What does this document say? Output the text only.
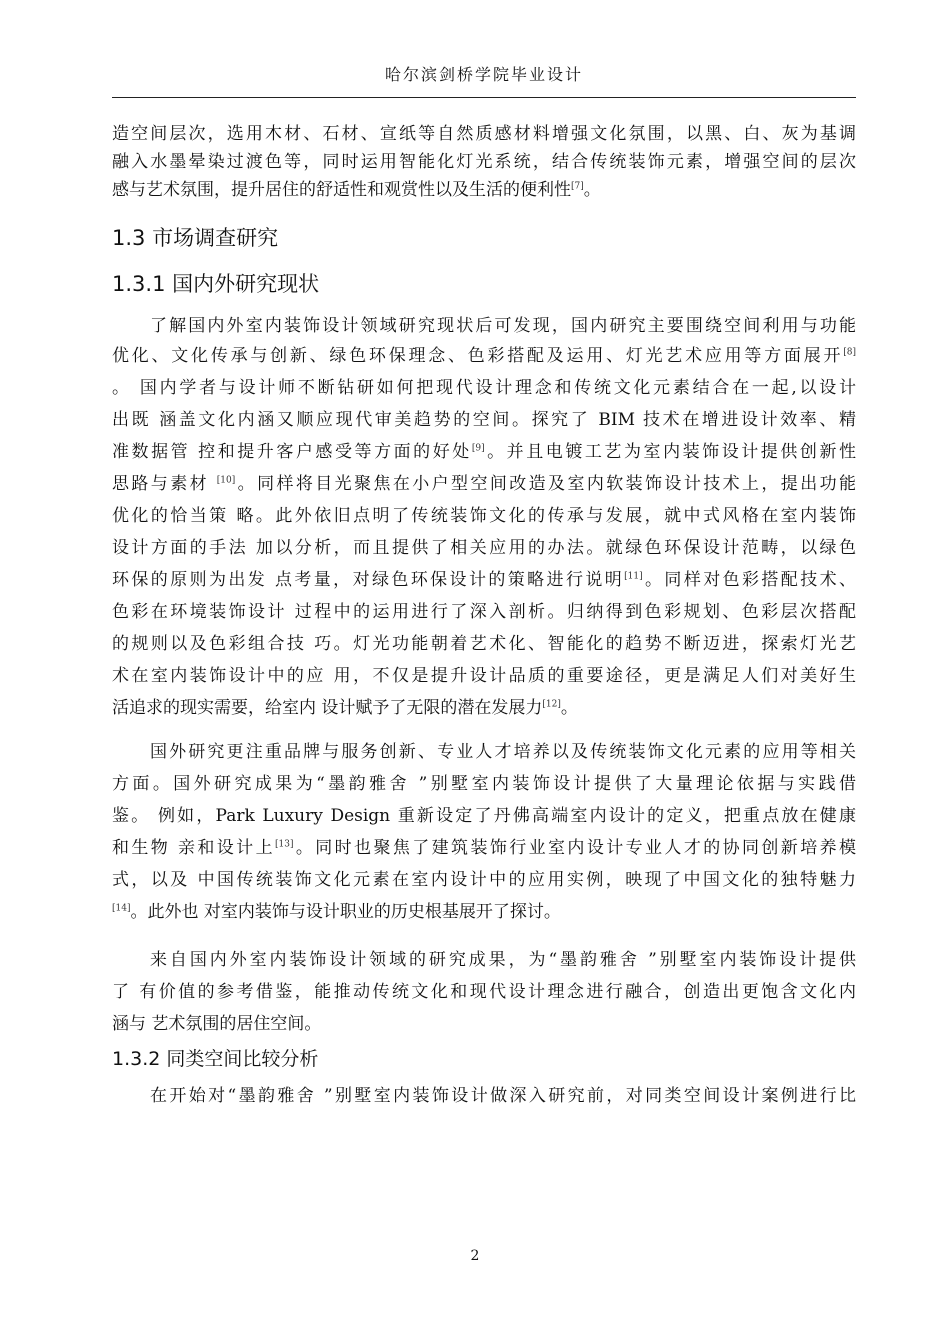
哈尔滨剑桥学院毕业设计
造空间层次，选用木材、石材、宣纸等自然质感材料增强文化氛围，以黑、白、灰为基调
融入水墨晕染过渡色等，同时运用智能化灯光系统，结合传统装饰元素，增强空间的层次
感与艺术氛围，提升居住的舒适性和观赏性以及生活的便利性[7]。
1.3 市场调查研究
1.3.1 国内外研究现状
了解国内外室内装饰设计领域研究现状后可发现，国内研究主要围绕空间利用与功能
优化、文化传承与创新、绿色环保理念、色彩搭配及运用、灯光艺术应用等方面展开[8]
。 国内学者与设计师不断钻研如何把现代设计理念和传统文化元素结合在一起,以设计
出既 涵盖文化内涵又顺应现代审美趋势的空间。探究了 BIM 技术在增进设计效率、精
准数据管 控和提升客户感受等方面的好处[9]。并且电镀工艺为室内装饰设计提供创新性
思路与素材 [10]。同样将目光聚焦在小户型空间改造及室内软装饰设计技术上，提出功能
优化的恰当策 略。此外依旧点明了传统装饰文化的传承与发展，就中式风格在室内装饰
设计方面的手法 加以分析，而且提供了相关应用的办法。就绿色环保设计范畴，以绿色
环保的原则为出发 点考量，对绿色环保设计的策略进行说明[11]。同样对色彩搭配技术、
色彩在环境装饰设计 过程中的运用进行了深入剖析。归纳得到色彩规划、色彩层次搭配
的规则以及色彩组合技 巧。灯光功能朝着艺术化、智能化的趋势不断迈进，探索灯光艺
术在室内装饰设计中的应 用，不仅是提升设计品质的重要途径，更是满足人们对美好生
活追求的现实需要，给室内 设计赋予了无限的潜在发展力[12]。
国外研究更注重品牌与服务创新、专业人才培养以及传统装饰文化元素的应用等相关
方面。国外研究成果为“墨韵雅舍 ”别墅室内装饰设计提供了大量理论依据与实践借
鉴。 例如，Park Luxury Design 重新设定了丹佛高端室内设计的定义，把重点放在健康
和生物 亲和设计上[13]。同时也聚焦了建筑装饰行业室内设计专业人才的协同创新培养模
式，以及 中国传统装饰文化元素在室内设计中的应用实例，映现了中国文化的独特魅力
[14]。此外也 对室内装饰与设计职业的历史根基展开了探讨。
来自国内外室内装饰设计领域的研究成果，为“墨韵雅舍 ”别墅室内装饰设计提供
了 有价值的参考借鉴，能推动传统文化和现代设计理念进行融合，创造出更饱含文化内
涵与 艺术氛围的居住空间。
1.3.2 同类空间比较分析
在开始对“墨韵雅舍 ”别墅室内装饰设计做深入研究前，对同类空间设计案例进行比
2
